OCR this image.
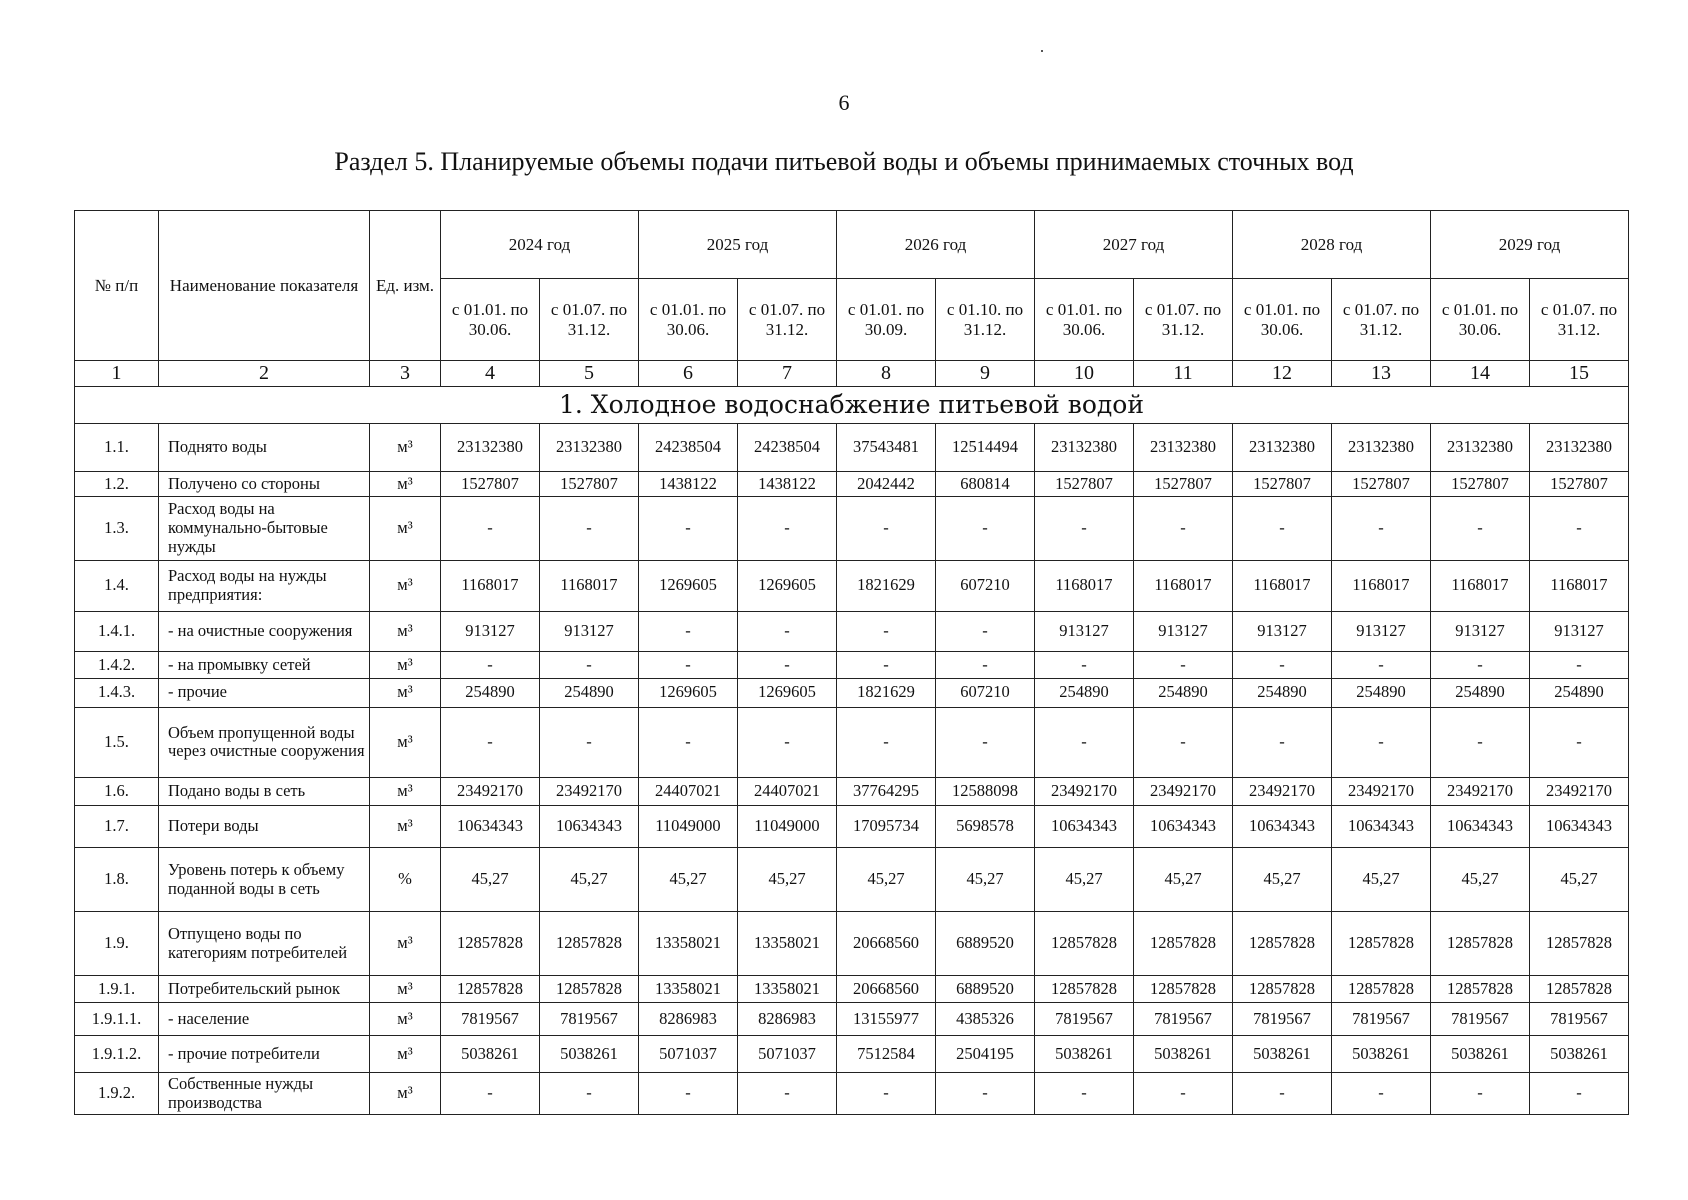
6
Раздел 5. Планируемые объемы подачи питьевой воды и объемы принимаемых сточных вод
№ п/п	Наименование показателя	Ед. изм.	2024 год		2025 год		2026 год		2027 год		2028 год		2029 год	
			с 01.01. по 30.06.	с 01.07. по 31.12.	с 01.01. по 30.06.	с 01.07. по 31.12.	с 01.01. по 30.09.	с 01.10. по 31.12.	с 01.01. по 30.06.	с 01.07. по 31.12.	с 01.01. по 30.06.	с 01.07. по 31.12.	с 01.01. по 30.06.	с 01.07. по 31.12.
1	2	3	4	5	6	7	8	9	10	11	12	13	14	15
1. Холодное водоснабжение питьевой водой														
1.1.	Поднято воды	м³	23132380	23132380	24238504	24238504	37543481	12514494	23132380	23132380	23132380	23132380	23132380	23132380
1.2.	Получено со стороны	м³	1527807	1527807	1438122	1438122	2042442	680814	1527807	1527807	1527807	1527807	1527807	1527807
1.3.	Расход воды на коммунально-бытовые нужды	м³	-	-	-	-	-	-	-	-	-	-	-	-
1.4.	Расход воды на нужды предприятия:	м³	1168017	1168017	1269605	1269605	1821629	607210	1168017	1168017	1168017	1168017	1168017	1168017
1.4.1.	- на очистные сооружения	м³	913127	913127	-	-	-	-	913127	913127	913127	913127	913127	913127
1.4.2.	- на промывку сетей	м³	-	-	-	-	-	-	-	-	-	-	-	-
1.4.3.	- прочие	м³	254890	254890	1269605	1269605	1821629	607210	254890	254890	254890	254890	254890	254890
1.5.	Объем пропущенной воды через очистные сооружения	м³	-	-	-	-	-	-	-	-	-	-	-	-
1.6.	Подано воды в сеть	м³	23492170	23492170	24407021	24407021	37764295	12588098	23492170	23492170	23492170	23492170	23492170	23492170
1.7.	Потери воды	м³	10634343	10634343	11049000	11049000	17095734	5698578	10634343	10634343	10634343	10634343	10634343	10634343
1.8.	Уровень потерь к объему поданной воды в сеть	%	45,27	45,27	45,27	45,27	45,27	45,27	45,27	45,27	45,27	45,27	45,27	45,27
1.9.	Отпущено воды по категориям потребителей	м³	12857828	12857828	13358021	13358021	20668560	6889520	12857828	12857828	12857828	12857828	12857828	12857828
1.9.1.	Потребительский рынок	м³	12857828	12857828	13358021	13358021	20668560	6889520	12857828	12857828	12857828	12857828	12857828	12857828
1.9.1.1.	- население	м³	7819567	7819567	8286983	8286983	13155977	4385326	7819567	7819567	7819567	7819567	7819567	7819567
1.9.1.2.	- прочие потребители	м³	5038261	5038261	5071037	5071037	7512584	2504195	5038261	5038261	5038261	5038261	5038261	5038261
1.9.2.	Собственные нужды производства	м³	-	-	-	-	-	-	-	-	-	-	-	-
